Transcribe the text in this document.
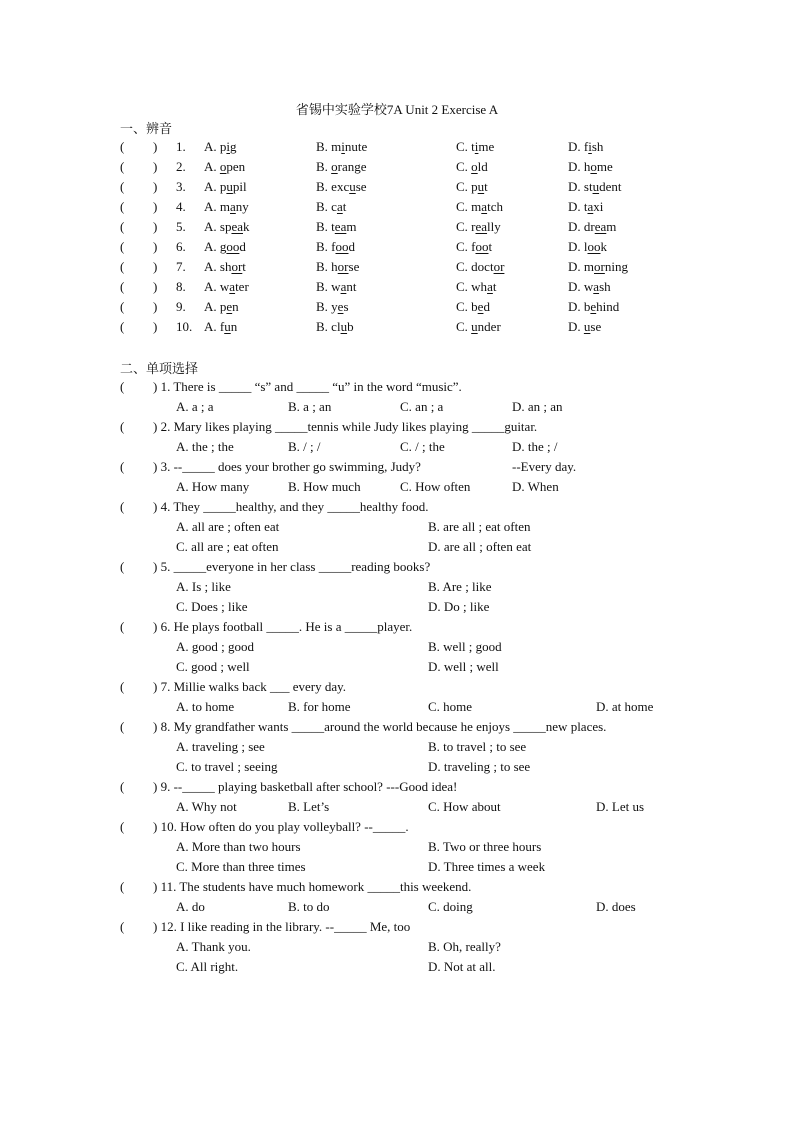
省锡中实验学校7A Unit 2 Exercise A
一、辨音
( ) 1. A. pig	B. minute	C. time	D. fish
( ) 2. A. open	B. orange	C. old	D. home
( ) 3. A. pupil	B. excuse	C. put	D. student
( ) 4. A. many	B. cat	C. match	D. taxi
( ) 5. A. speak	B. team	C. really	D. dream
( ) 6. A. good	B. food	C. foot	D. look
( ) 7. A. short	B. horse	C. doctor	D. morning
( ) 8. A. water	B. want	C. what	D. wash
( ) 9. A. pen	B. yes	C. bed	D. behind
( ) 10. A. fun	B. club	C. under	D. use
二、单项选择
( ) 1. There is _____ “s” and _____ “u” in the word “music”.
A. a ; a	B. a ; an	C. an ; a	D. an ; an
( ) 2. Mary likes playing _____tennis while Judy likes playing _____guitar.
A. the ; the	B. / ; /	C. / ; the	D. the ; /
( ) 3. --_____ does your brother go swimming, Judy?	--Every day.
A. How many	B. How much	C. How often	D. When
( ) 4. They _____healthy, and they _____healthy food.
A. all are ; often eat	B. are all ; eat often
C. all are ; eat often	D. are all ; often eat
( ) 5. _____everyone in her class _____reading books?
A. Is ; like	B. Are ; like
C. Does ; like	D. Do ; like
( ) 6. He plays football _____. He is a _____player.
A. good ; good	B. well ; good
C. good ; well	D. well ; well
( ) 7. Millie walks back ___ every day.
A. to home	B. for home	C. home	D. at home
( ) 8. My grandfather wants _____around the world because he enjoys _____new places.
A. traveling ; see	B. to travel ; to see
C. to travel ; seeing	D. traveling ; to see
( ) 9. --_____ playing basketball after school? ---Good idea!
A. Why not	B. Let’s	C. How about	D. Let us
( ) 10. How often do you play volleyball? --_____.
A. More than two hours	B. Two or three hours
C. More than three times	D. Three times a week
( ) 11. The students have much homework _____this weekend.
A. do	B. to do	C. doing	D. does
( ) 12. I like reading in the library. --_____ Me, too
A. Thank you.	B. Oh, really?
C. All right.	D. Not at all.
